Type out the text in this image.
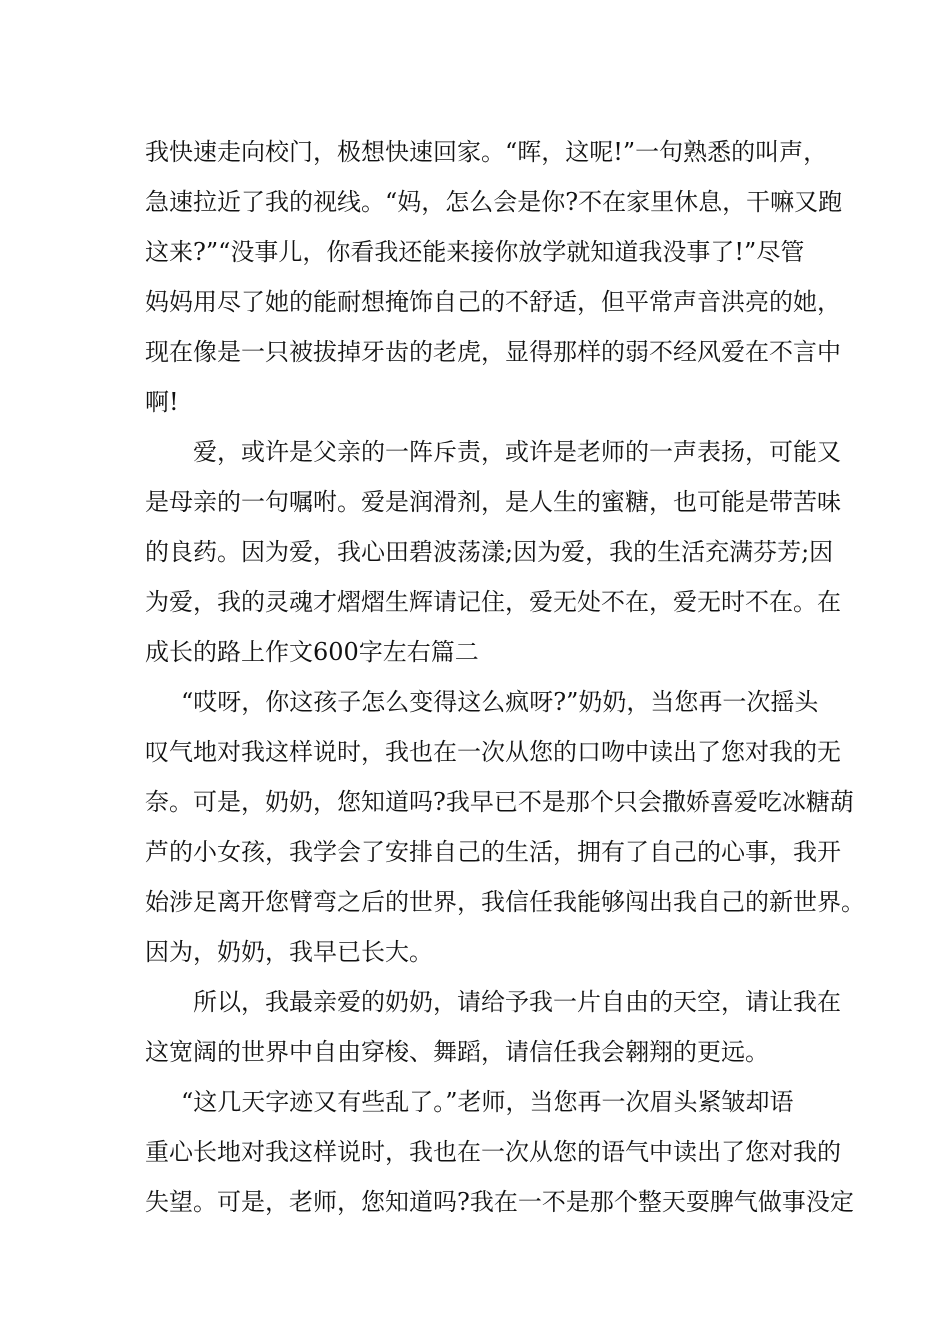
我快速走向校门，极想快速回家。“晖，这呢!”一句熟悉的叫声，
急速拉近了我的视线。“妈，怎么会是你?不在家里休息，干嘛又跑
这来?”“没事儿，你看我还能来接你放学就知道我没事了!”尽管
妈妈用尽了她的能耐想掩饰自己的不舒适，但平常声音洪亮的她，
现在像是一只被拔掉牙齿的老虎，显得那样的弱不经风爱在不言中
啊!
爱，或许是父亲的一阵斥责，或许是老师的一声表扬，可能又
是母亲的一句嘱咐。爱是润滑剂，是人生的蜜糖，也可能是带苦味
的良药。因为爱，我心田碧波荡漾;因为爱，我的生活充满芬芳;因
为爱，我的灵魂才熠熠生辉请记住，爱无处不在，爱无时不在。在
成长的路上作文600字左右篇二
“哎呀，你这孩子怎么变得这么疯呀?”奶奶，当您再一次摇头
叹气地对我这样说时，我也在一次从您的口吻中读出了您对我的无
奈。可是，奶奶，您知道吗?我早已不是那个只会撒娇喜爱吃冰糖葫
芦的小女孩，我学会了安排自己的生活，拥有了自己的心事，我开
始涉足离开您臂弯之后的世界，我信任我能够闯出我自己的新世界。
因为，奶奶，我早已长大。
所以，我最亲爱的奶奶，请给予我一片自由的天空，请让我在
这宽阔的世界中自由穿梭、舞蹈，请信任我会翱翔的更远。
“这几天字迹又有些乱了。”老师，当您再一次眉头紧皱却语
重心长地对我这样说时，我也在一次从您的语气中读出了您对我的
失望。可是，老师，您知道吗?我在一不是那个整天耍脾气做事没定
